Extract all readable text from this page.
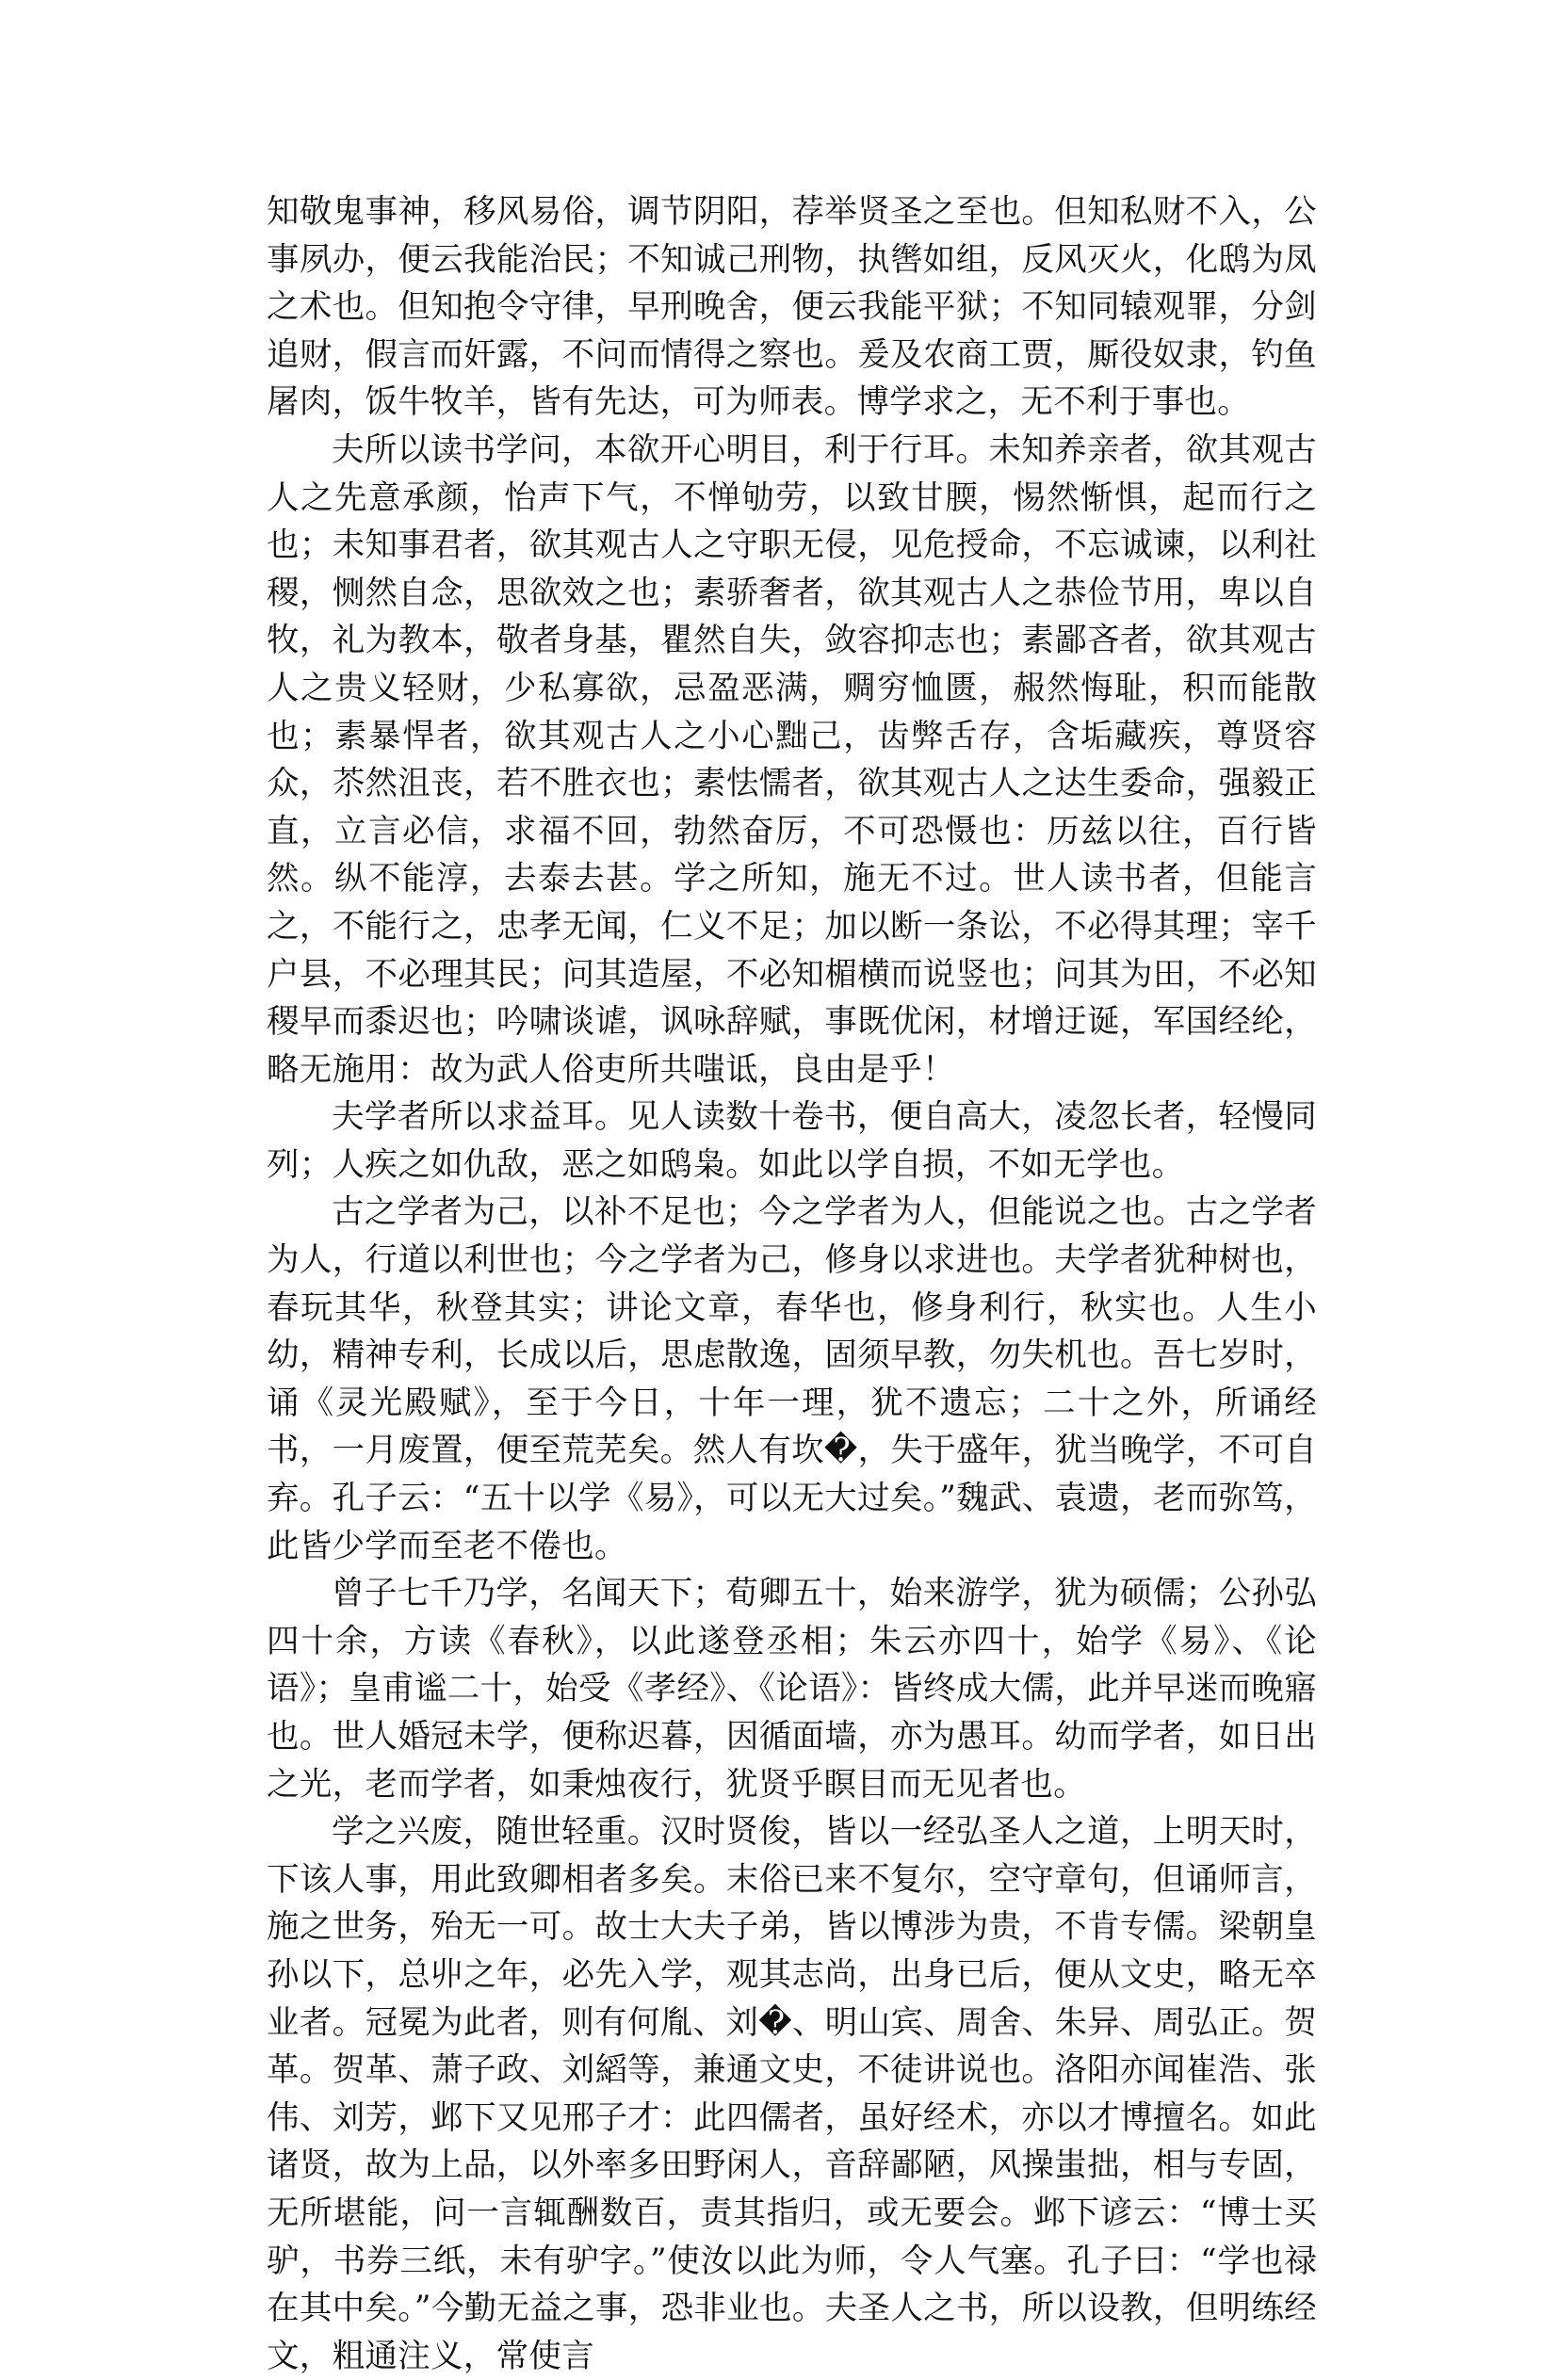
知敬鬼事神，移风易俗，调节阴阳，荐举贤圣之至也。但知私财不入，公事夙办，便云我能治民；不知诚己刑物，执辔如组，反风灭火，化鸱为凤之术也。但知抱令守律，早刑晚舍，便云我能平狱；不知同辕观罪，分剑追财，假言而奸露，不问而情得之察也。爰及农商工贾，厮役奴隶，钓鱼屠肉，饭牛牧羊，皆有先达，可为师表。博学求之，无不利于事也。

夫所以读书学问，本欲开心明目，利于行耳。未知养亲者，欲其观古人之先意承颜，怡声下气，不惮劬劳，以致甘腝，惕然惭惧，起而行之也；未知事君者，欲其观古人之守职无侵，见危授命，不忘诚谏，以利社稷，恻然自念，思欲效之也；素骄奢者，欲其观古人之恭俭节用，卑以自牧，礼为教本，敬者身基，瞿然自失，敛容抑志也；素鄙吝者，欲其观古人之贵义轻财，少私寡欲，忌盈恶满，赒穷恤匮，赧然悔耻，积而能散也；素暴悍者，欲其观古人之小心黜己，齿弊舌存，含垢藏疾，尊贤容众，苶然沮丧，若不胜衣也；素怯懦者，欲其观古人之达生委命，强毅正直，立言必信，求福不回，勃然奋厉，不可恐慑也：历兹以往，百行皆然。纵不能淳，去泰去甚。学之所知，施无不过。世人读书者，但能言之，不能行之，忠孝无闻，仁义不足；加以断一条讼，不必得其理；宰千户县，不必理其民；问其造屋，不必知楣横而说竖也；问其为田，不必知稷早而黍迟也；吟啸谈谑，讽咏辞赋，事既优闲，材增迂诞，军国经纶，略无施用：故为武人俗吏所共嗤诋，良由是乎！

夫学者所以求益耳。见人读数十卷书，便自高大，凌忽长者，轻慢同列；人疾之如仇敌，恶之如鸱枭。如此以学自损，不如无学也。

古之学者为己，以补不足也；今之学者为人，但能说之也。古之学者为人，行道以利世也；今之学者为己，修身以求进也。夫学者犹种树也，春玩其华，秋登其实；讲论文章，春华也，修身利行，秋实也。人生小幼，精神专利，长成以后，思虑散逸，固须早教，勿失机也。吾七岁时，诵《灵光殿赋》，至于今日，十年一理，犹不遗忘；二十之外，所诵经书，一月废置，便至荒芜矣。然人有坎�，失于盛年，犹当晚学，不可自弃。孔子云：“五十以学《易》，可以无大过矣。”魏武、袁遗，老而弥笃，此皆少学而至老不倦也。

曾子七千乃学，名闻天下；荀卿五十，始来游学，犹为硕儒；公孙弘四十余，方读《春秋》，以此遂登丞相；朱云亦四十，始学《易》、《论语》；皇甫谧二十，始受《孝经》、《论语》：皆终成大儒，此并早迷而晚寤也。世人婚冠未学，便称迟暮，因循面墙，亦为愚耳。幼而学者，如日出之光，老而学者，如秉烛夜行，犹贤乎瞑目而无见者也。

学之兴废，随世轻重。汉时贤俊，皆以一经弘圣人之道，上明天时，下该人事，用此致卿相者多矣。末俗已来不复尔，空守章句，但诵师言，施之世务，殆无一可。故士大夫子弟，皆以博涉为贵，不肯专儒。梁朝皇孙以下，总丱之年，必先入学，观其志尚，出身已后，便从文史，略无卒业者。冠冕为此者，则有何胤、刘�、明山宾、周舍、朱异、周弘正。贺革。贺革、萧子政、刘縚等，兼通文史，不徒讲说也。洛阳亦闻崔浩、张伟、刘芳，邺下又见邢子才：此四儒者，虽好经术，亦以才博擅名。如此诸贤，故为上品，以外率多田野闲人，音辞鄙陋，风操蚩拙，相与专固，无所堪能，问一言辄酬数百，责其指归，或无要会。邺下谚云：“博士买驴，书券三纸，未有驴字。”使汝以此为师，令人气塞。孔子曰：“学也禄在其中矣。”今勤无益之事，恐非业也。夫圣人之书，所以设教，但明练经文，粗通注义，常使言
